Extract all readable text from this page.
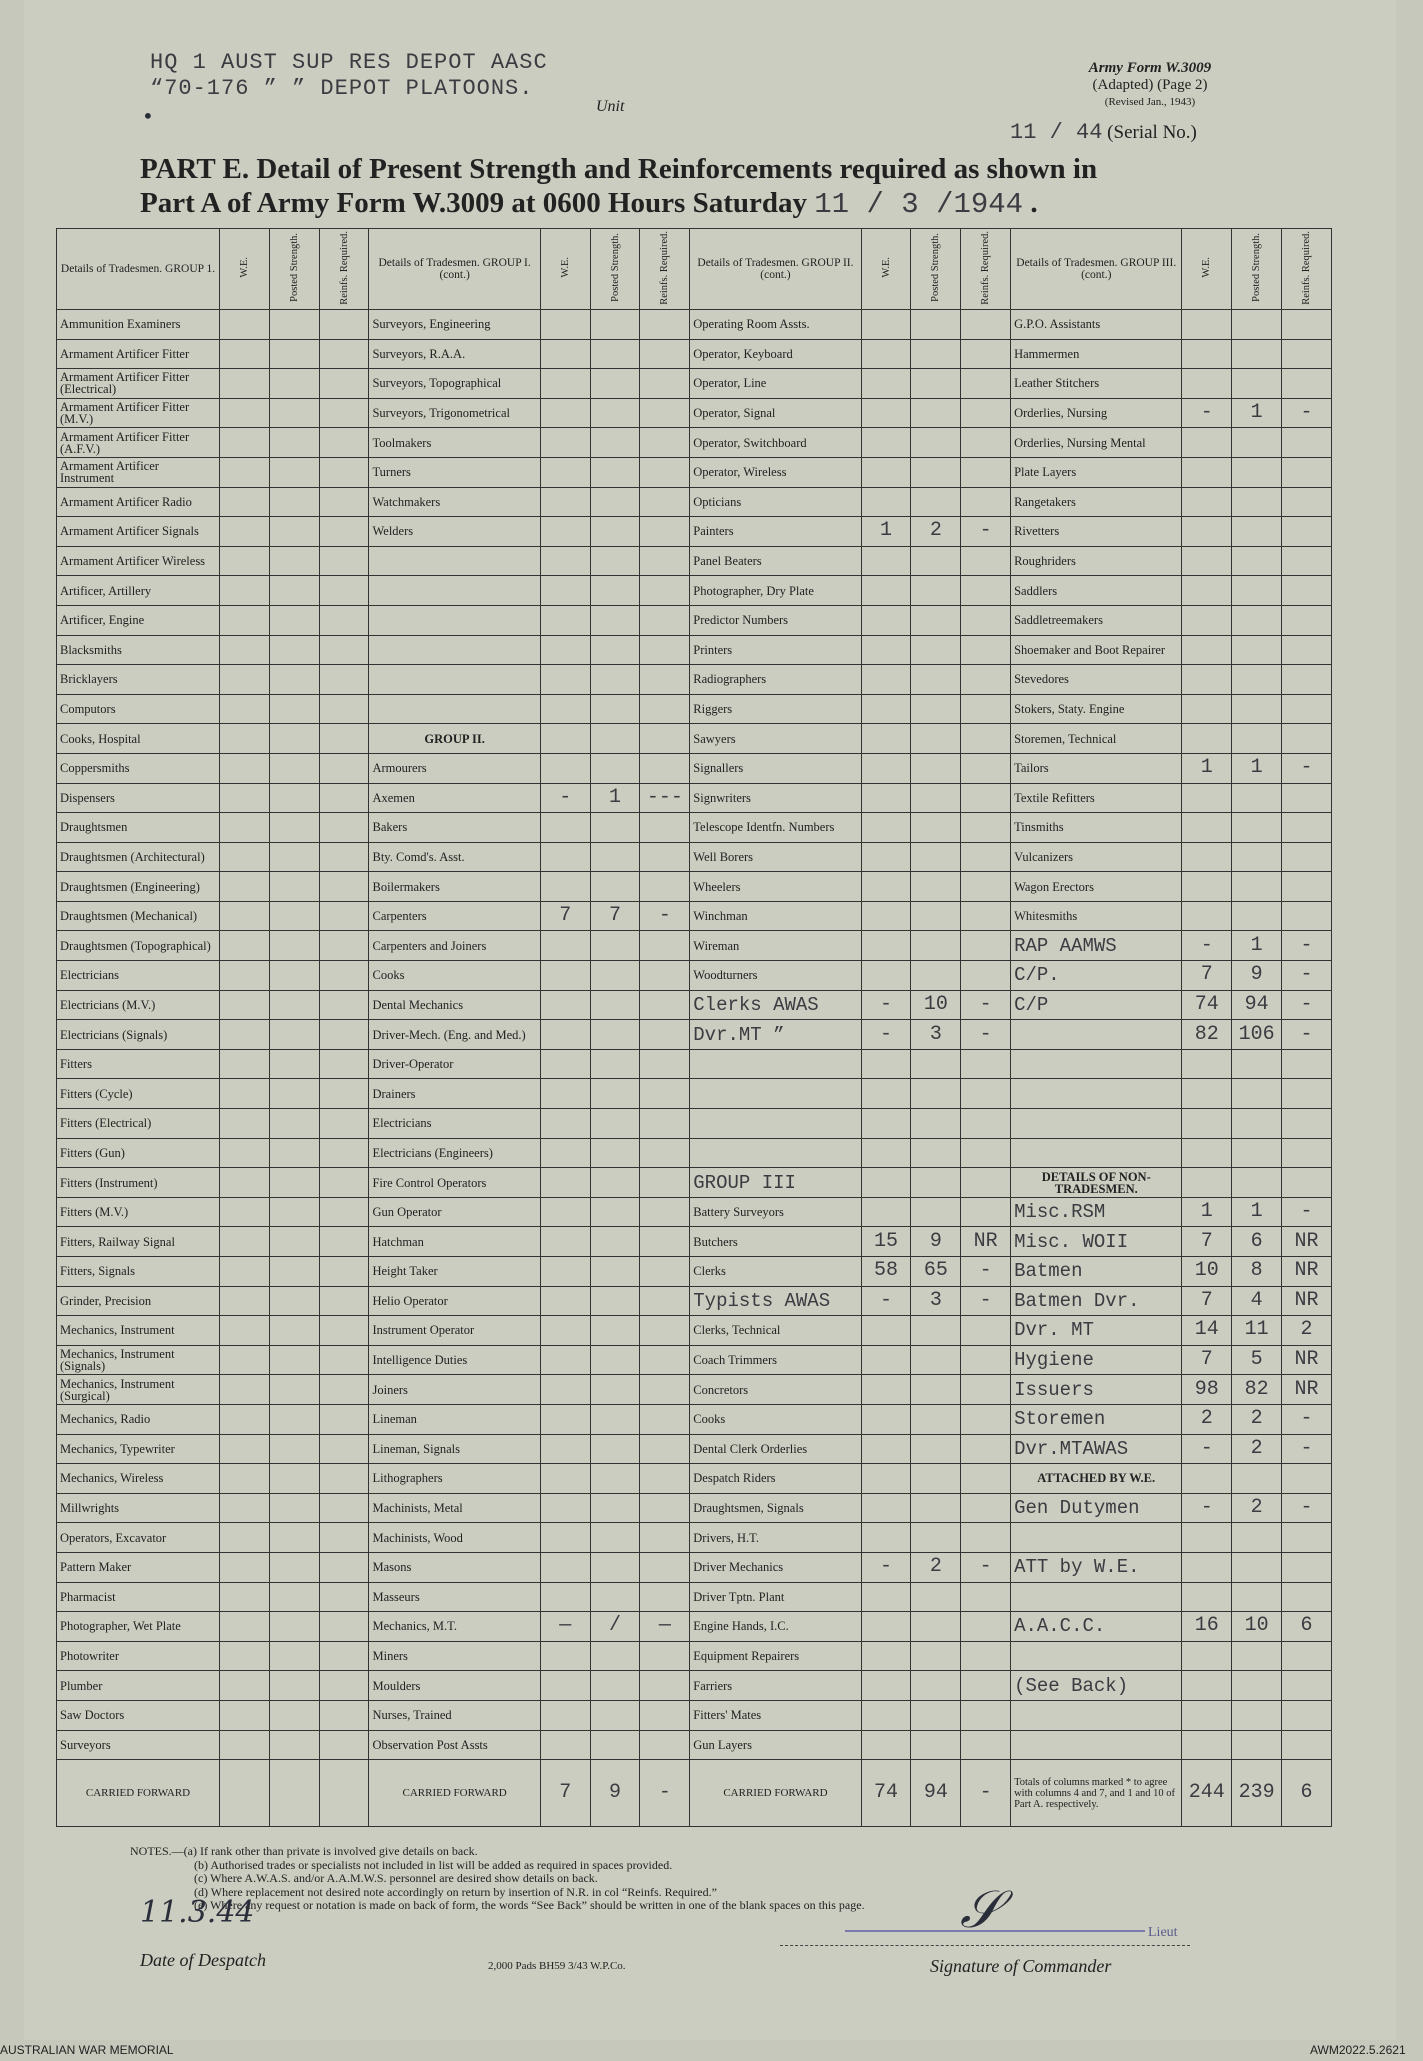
HQ 1 AUST SUP RES DEPOT AASC
“70-176 ” ” DEPOT PLATOONS.
Unit
•
Army Form W.3009
(Adapted) (Page 2)
(Revised Jan., 1943)
11 / 44 (Serial No.)
PART E. Detail of Present Strength and Reinforcements required as shown in
Part A of Army Form W.3009 at 0600 Hours Saturday 11 / 3 /1944 .
Details of Tradesmen. GROUP 1.	W.E.	Posted Strength.	Reinfs. Required.	Details of Tradesmen. GROUP I. (cont.)	W.E.	Posted Strength.	Reinfs. Required.	Details of Tradesmen. GROUP II. (cont.)	W.E.	Posted Strength.	Reinfs. Required.	Details of Tradesmen. GROUP III. (cont.)	W.E.	Posted Strength.	Reinfs. Required.
Ammunition Examiners				Surveyors, Engineering				Operating Room Assts.				G.P.O. Assistants			
Armament Artificer Fitter				Surveyors, R.A.A.				Operator, Keyboard				Hammermen			
Armament Artificer Fitter (Electrical)				Surveyors, Topographical				Operator, Line				Leather Stitchers			
Armament Artificer Fitter (M.V.)				Surveyors, Trigonometrical				Operator, Signal				Orderlies, Nursing	-	1	-
Armament Artificer Fitter (A.F.V.)				Toolmakers				Operator, Switchboard				Orderlies, Nursing Mental			
Armament Artificer Instrument				Turners				Operator, Wireless				Plate Layers			
Armament Artificer Radio				Watchmakers				Opticians				Rangetakers			
Armament Artificer Signals				Welders				Painters	1	2	-	Rivetters			
Armament Artificer Wireless								Panel Beaters				Roughriders			
Artificer, Artillery								Photographer, Dry Plate				Saddlers			
Artificer, Engine								Predictor Numbers				Saddletreemakers			
Blacksmiths								Printers				Shoemaker and Boot Repairer			
Bricklayers								Radiographers				Stevedores			
Computors								Riggers				Stokers, Staty. Engine			
Cooks, Hospital				GROUP II.				Sawyers				Storemen, Technical			
Coppersmiths				Armourers				Signallers				Tailors	1	1	-
Dispensers				Axemen	-	1	---	Signwriters				Textile Refitters			
Draughtsmen				Bakers				Telescope Identfn. Numbers				Tinsmiths			
Draughtsmen (Architectural)				Bty. Comd's. Asst.				Well Borers				Vulcanizers			
Draughtsmen (Engineering)				Boilermakers				Wheelers				Wagon Erectors			
Draughtsmen (Mechanical)				Carpenters	7	7	-	Winchman				Whitesmiths			
Draughtsmen (Topographical)				Carpenters and Joiners				Wireman				RAP AAMWS	-	1	-
Electricians				Cooks				Woodturners				C/P.	7	9	-
Electricians (M.V.)				Dental Mechanics				Clerks AWAS	-	10	-	C/P	74	94	-
Electricians (Signals)				Driver-Mech. (Eng. and Med.)				Dvr.MT ”	-	3	-		82	106	-
Fitters				Driver-Operator											
Fitters (Cycle)				Drainers											
Fitters (Electrical)				Electricians											
Fitters (Gun)				Electricians (Engineers)											
Fitters (Instrument)				Fire Control Operators				GROUP III				DETAILS OF NON-TRADESMEN.			
Fitters (M.V.)				Gun Operator				Battery Surveyors				Misc.RSM	1	1	-
Fitters, Railway Signal				Hatchman				Butchers	15	9	NR	Misc. WOII	7	6	NR
Fitters, Signals				Height Taker				Clerks	58	65	-	Batmen	10	8	NR
Grinder, Precision				Helio Operator				Typists AWAS	-	3	-	Batmen Dvr.	7	4	NR
Mechanics, Instrument				Instrument Operator				Clerks, Technical				Dvr. MT	14	11	2
Mechanics, Instrument (Signals)				Intelligence Duties				Coach Trimmers				Hygiene	7	5	NR
Mechanics, Instrument (Surgical)				Joiners				Concretors				Issuers	98	82	NR
Mechanics, Radio				Lineman				Cooks				Storemen	2	2	-
Mechanics, Typewriter				Lineman, Signals				Dental Clerk Orderlies				Dvr.MTAWAS	-	2	-
Mechanics, Wireless				Lithographers				Despatch Riders				ATTACHED BY W.E.			
Millwrights				Machinists, Metal				Draughtsmen, Signals				Gen Dutymen	-	2	-
Operators, Excavator				Machinists, Wood				Drivers, H.T.							
Pattern Maker				Masons				Driver Mechanics	-	2	-	ATT by W.E.			
Pharmacist				Masseurs				Driver Tptn. Plant							
Photographer, Wet Plate				Mechanics, M.T.	—	/	—	Engine Hands, I.C.				A.A.C.C.	16	10	6
Photowriter				Miners				Equipment Repairers							
Plumber				Moulders				Farriers				(See Back)			
Saw Doctors				Nurses, Trained				Fitters' Mates							
Surveyors				Observation Post Assts				Gun Layers							
CARRIED FORWARD				CARRIED FORWARD	7	9	-	CARRIED FORWARD	74	94	-	Totals of columns marked * to agree with columns 4 and 7, and 1 and 10 of Part A. respectively.	244	239	6
NOTES.—(a) If rank other than private is involved give details on back.
(b) Authorised trades or specialists not included in list will be added as required in spaces provided.
(c) Where A.W.A.S. and/or A.A.M.W.S. personnel are desired show details on back.
(d) Where replacement not desired note accordingly on return by insertion of N.R. in col “Reinfs. Required.”
(e) Where any request or notation is made on back of form, the words “See Back” should be written in one of the blank spaces on this page.
11.3.44
Date of Despatch	2,000 Pads BH59 3/43 W.P.Co.
𝒮	Lieut
Signature of Commander
AUSTRALIAN WAR MEMORIAL	AWM2022.5.2621
